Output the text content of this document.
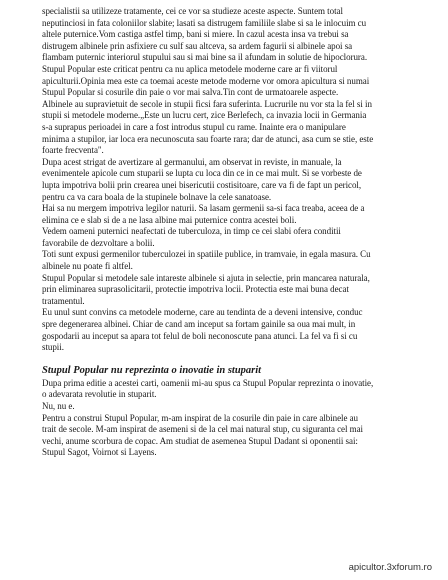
specialistii sa utilizeze tratamente, cei ce vor sa studieze aceste aspecte. Suntem total

neputinciosi in fata coloniilor slabite; lasati sa distrugem familiile slabe si sa le inlocuim cu

altele puternice.Vom castiga astfel timp, bani si miere. In cazul acesta insa va trebui sa

distrugem albinele prin asfixiere cu sulf sau altceva, sa ardem fagurii si albinele apoi sa

flambam puternic interiorul stupului sau si mai bine sa il afundam in solutie de hipoclorura.

Stupul Popular este criticat pentru ca nu aplica metodele moderne care ar fi viitorul

apiculturii.Opinia mea este ca toemai aceste metode moderne vor omora apicultura si numai

Stupul Popular si cosurile din paie o vor mai salva.Tin cont de urmatoarele aspecte.

Albinele au supravietuit de secole in stupii ficsi fara suferinta. Lucrurile nu vor sta la fel si in

stupii si metodele moderne.„Este un lucru cert, zice Berlefech, ca invazia locii in Germania

s-a suprapus perioadei in care a fost introdus stupul cu rame. Inainte era o manipulare

minima a stupilor, iar loca era necunoscuta sau foarte rara; dar de atunci, asa cum se stie, este

foarte frecventa".

Dupa acest strigat de avertizare al germanului, am observat in reviste, in manuale, la

evenimentele apicole cum stuparii se lupta cu loca din ce in ce mai mult. Si se vorbeste de

lupta impotriva bolii prin crearea unei bisericutii costisitoare, care va fi de fapt un pericol,

pentru ca va cara boala de la stupinele bolnave la cele sanatoase.

Hai sa nu mergem impotriva legilor naturii. Sa lasam germenii sa-si faca treaba, aceea de a

elimina ce e slab si de a ne lasa albine mai puternice contra acestei boli.

Vedem oameni puternici neafectati de tuberculoza, in timp ce cei slabi ofera conditii

favorabile de dezvoltare a bolii.

Toti sunt expusi germenilor tuberculozei in spatiile publice, in tramvaie, in egala masura. Cu

albinele nu poate fi altfel.

Stupul Popular si metodele sale intareste albinele si ajuta in selectie, prin mancarea naturala,

prin eliminarea suprasolicitarii, protectie impotriva locii. Protectia este mai buna decat

tratamentul.

Eu unul sunt convins ca metodele moderne, care au tendinta de a deveni intensive, conduc

spre degenerarea albinei. Chiar de cand am inceput sa fortam gainile sa oua mai mult, in

gospodarii au inceput sa apara tot felul de boli neconoscute pana atunci. La fel va fi si cu

stupii.

Stupul Popular nu reprezinta o inovatie in stuparit

Dupa prima editie a acestei carti, oamenii mi-au spus ca Stupul Popular reprezinta o inovatie,

o adevarata revolutie in stuparit.

Nu, nu e.

Pentru a construi Stupul Popular, m-am inspirat de la cosurile din paie in care albinele au

trait de secole. M-am inspirat de asemeni si de la cel mai natural stup, cu siguranta cel mai

vechi, anume scorbura de copac. Am studiat de asemenea Stupul Dadant si oponentii sai:

Stupul Sagot, Voirnot si Layens.

apicultor.3xforum.ro
